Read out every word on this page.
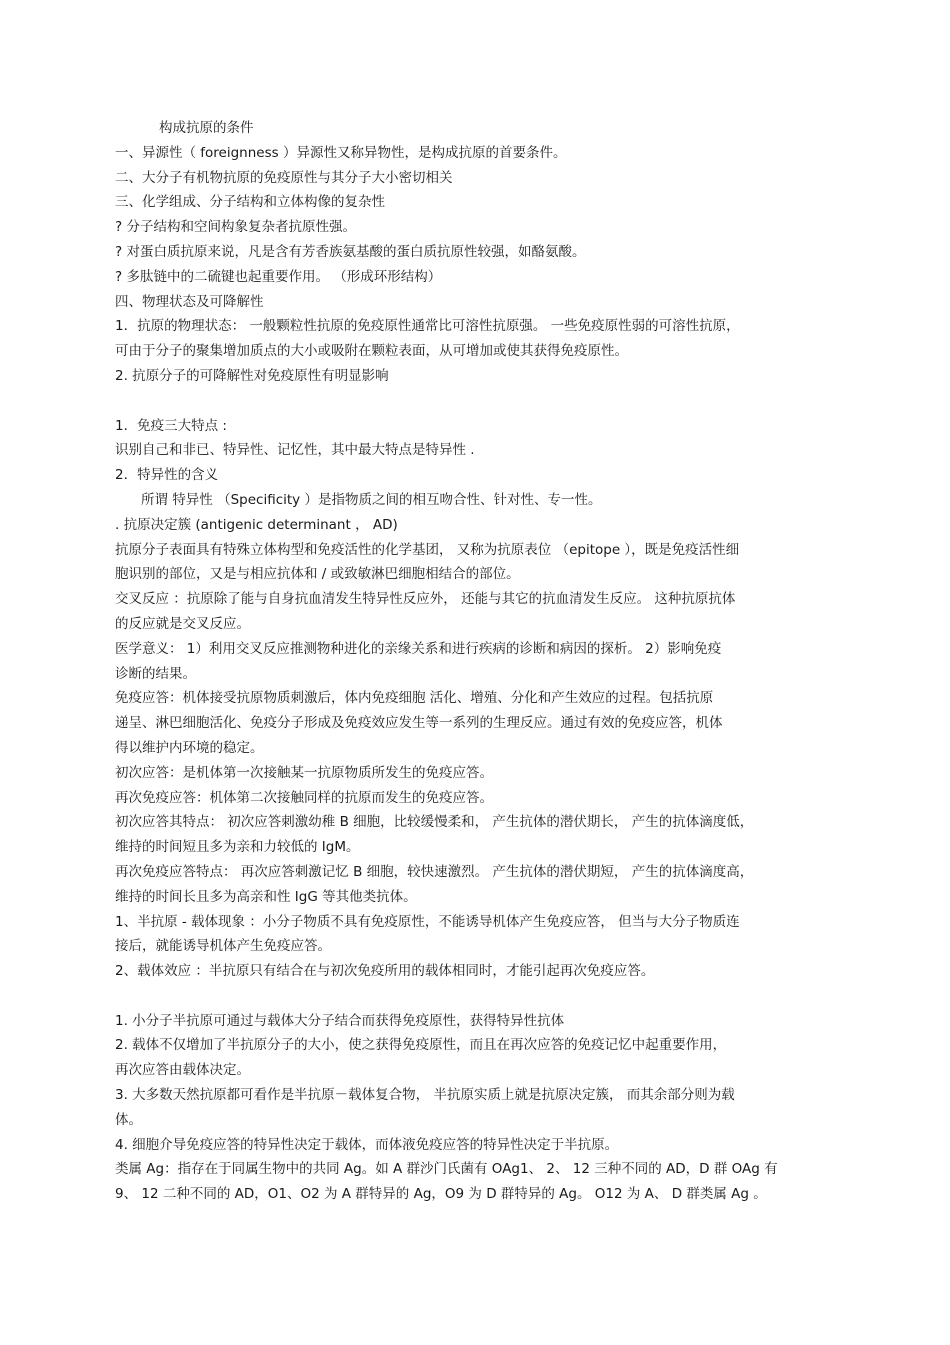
构成抗原的条件
一、异源性（ foreignness ）异源性又称异物性，是构成抗原的首要条件。
二、大分子有机物抗原的免疫原性与其分子大小密切相关
三、化学组成、分子结构和立体构像的复杂性
? 分子结构和空间构象复杂者抗原性强。
? 对蛋白质抗原来说，凡是含有芳香族氨基酸的蛋白质抗原性较强，如酪氨酸。
? 多肽链中的二硫键也起重要作用。 （形成环形结构）
四、物理状态及可降解性
1．抗原的物理状态： 一般颗粒性抗原的免疫原性通常比可溶性抗原强。 一些免疫原性弱的可溶性抗原，
可由于分子的聚集增加质点的大小或吸附在颗粒表面，从可增加或使其获得免疫原性。
2. 抗原分子的可降解性对免疫原性有明显影响
1．免疫三大特点 :
识别自己和非已、特异性、记忆性，其中最大特点是特异性 .
2．特异性的含义
所谓 特异性 （Specificity ）是指物质之间的相互吻合性、针对性、专一性。
. 抗原决定簇 (antigenic determinant ， AD)
抗原分子表面具有特殊立体构型和免疫活性的化学基团， 又称为抗原表位 （epitope ），既是免疫活性细
胞识别的部位，又是与相应抗体和 / 或致敏淋巴细胞相结合的部位。
交叉反应 ：抗原除了能与自身抗血清发生特异性反应外， 还能与其它的抗血清发生反应。 这种抗原抗体
的反应就是交叉反应。
医学意义： 1）利用交叉反应推测物种进化的亲缘关系和进行疾病的诊断和病因的探析。 2）影响免疫
诊断的结果。
免疫应答：机体接受抗原物质刺激后，体内免疫细胞 活化、增殖、分化和产生效应的过程。包括抗原
递呈、淋巴细胞活化、免疫分子形成及免疫效应发生等一系列的生理反应。通过有效的免疫应答，机体
得以维护内环境的稳定。
初次应答：是机体第一次接触某一抗原物质所发生的免疫应答。
再次免疫应答：机体第二次接触同样的抗原而发生的免疫应答。
初次应答其特点： 初次应答刺激幼稚 B 细胞，比较缓慢柔和， 产生抗体的潜伏期长， 产生的抗体滴度低，
维持的时间短且多为亲和力较低的 IgM。
再次免疫应答特点： 再次应答刺激记忆 B 细胞，较快速激烈。 产生抗体的潜伏期短， 产生的抗体滴度高，
维持的时间长且多为高亲和性 IgG 等其他类抗体。
1、半抗原 - 载体现象 ：小分子物质不具有免疫原性，不能诱导机体产生免疫应答， 但当与大分子物质连
接后，就能诱导机体产生免疫应答。
2、载体效应 ：半抗原只有结合在与初次免疫所用的载体相同时，才能引起再次免疫应答。
1. 小分子半抗原可通过与载体大分子结合而获得免疫原性，获得特异性抗体
2. 载体不仅增加了半抗原分子的大小，使之获得免疫原性，而且在再次应答的免疫记忆中起重要作用，
再次应答由载体决定。
3. 大多数天然抗原都可看作是半抗原－载体复合物， 半抗原实质上就是抗原决定簇， 而其余部分则为载
体。
4. 细胞介导免疫应答的特异性决定于载体，而体液免疫应答的特异性决定于半抗原。
类属 Ag：指存在于同属生物中的共同 Ag。如 A 群沙门氏菌有 OAg1、 2、 12 三种不同的 AD，D 群 OAg 有
9、 12 二种不同的 AD，O1、O2 为 A 群特异的 Ag，O9 为 D 群特异的 Ag。 O12 为 A、 D 群类属 Ag 。
